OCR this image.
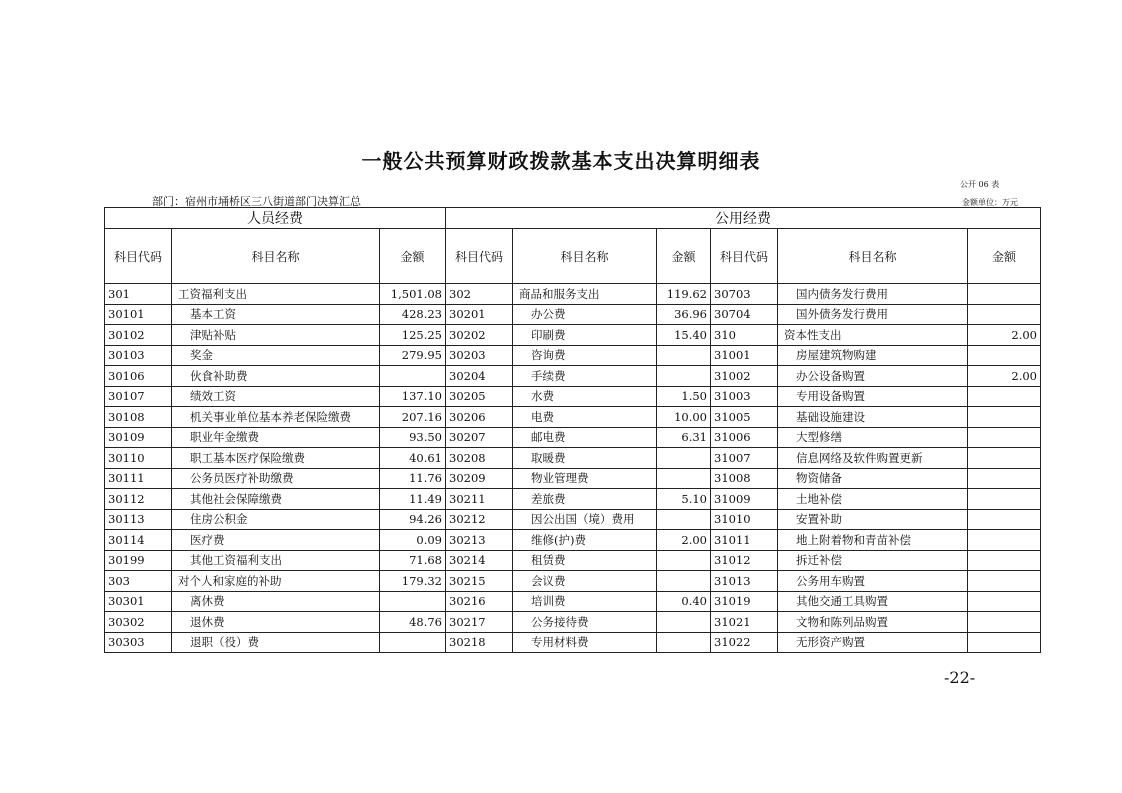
一般公共预算财政拨款基本支出决算明细表
公开 06 表
部门：宿州市埇桥区三八街道部门决算汇总	金额单位：万元
人员经费			公用经费					
科目代码	科目名称	金额	科目代码	科目名称	金额	科目代码	科目名称	金额
301	工资福利支出	1,501.08	302	商品和服务支出	119.62	30703	国内债务发行费用	
30101	基本工资	428.23	30201	办公费	36.96	30704	国外债务发行费用	
30102	津贴补贴	125.25	30202	印刷费	15.40	310	资本性支出	2.00
30103	奖金	279.95	30203	咨询费		31001	房屋建筑物购建	
30106	伙食补助费		30204	手续费		31002	办公设备购置	2.00
30107	绩效工资	137.10	30205	水费	1.50	31003	专用设备购置	
30108	机关事业单位基本养老保险缴费	207.16	30206	电费	10.00	31005	基础设施建设	
30109	职业年金缴费	93.50	30207	邮电费	6.31	31006	大型修缮	
30110	职工基本医疗保险缴费	40.61	30208	取暖费		31007	信息网络及软件购置更新	
30111	公务员医疗补助缴费	11.76	30209	物业管理费		31008	物资储备	
30112	其他社会保障缴费	11.49	30211	差旅费	5.10	31009	土地补偿	
30113	住房公积金	94.26	30212	因公出国（境）费用		31010	安置补助	
30114	医疗费	0.09	30213	维修(护)费	2.00	31011	地上附着物和青苗补偿	
30199	其他工资福利支出	71.68	30214	租赁费		31012	拆迁补偿	
303	对个人和家庭的补助	179.32	30215	会议费		31013	公务用车购置	
30301	离休费		30216	培训费	0.40	31019	其他交通工具购置	
30302	退休费	48.76	30217	公务接待费		31021	文物和陈列品购置	
30303	退职（役）费		30218	专用材料费		31022	无形资产购置	
-22-
